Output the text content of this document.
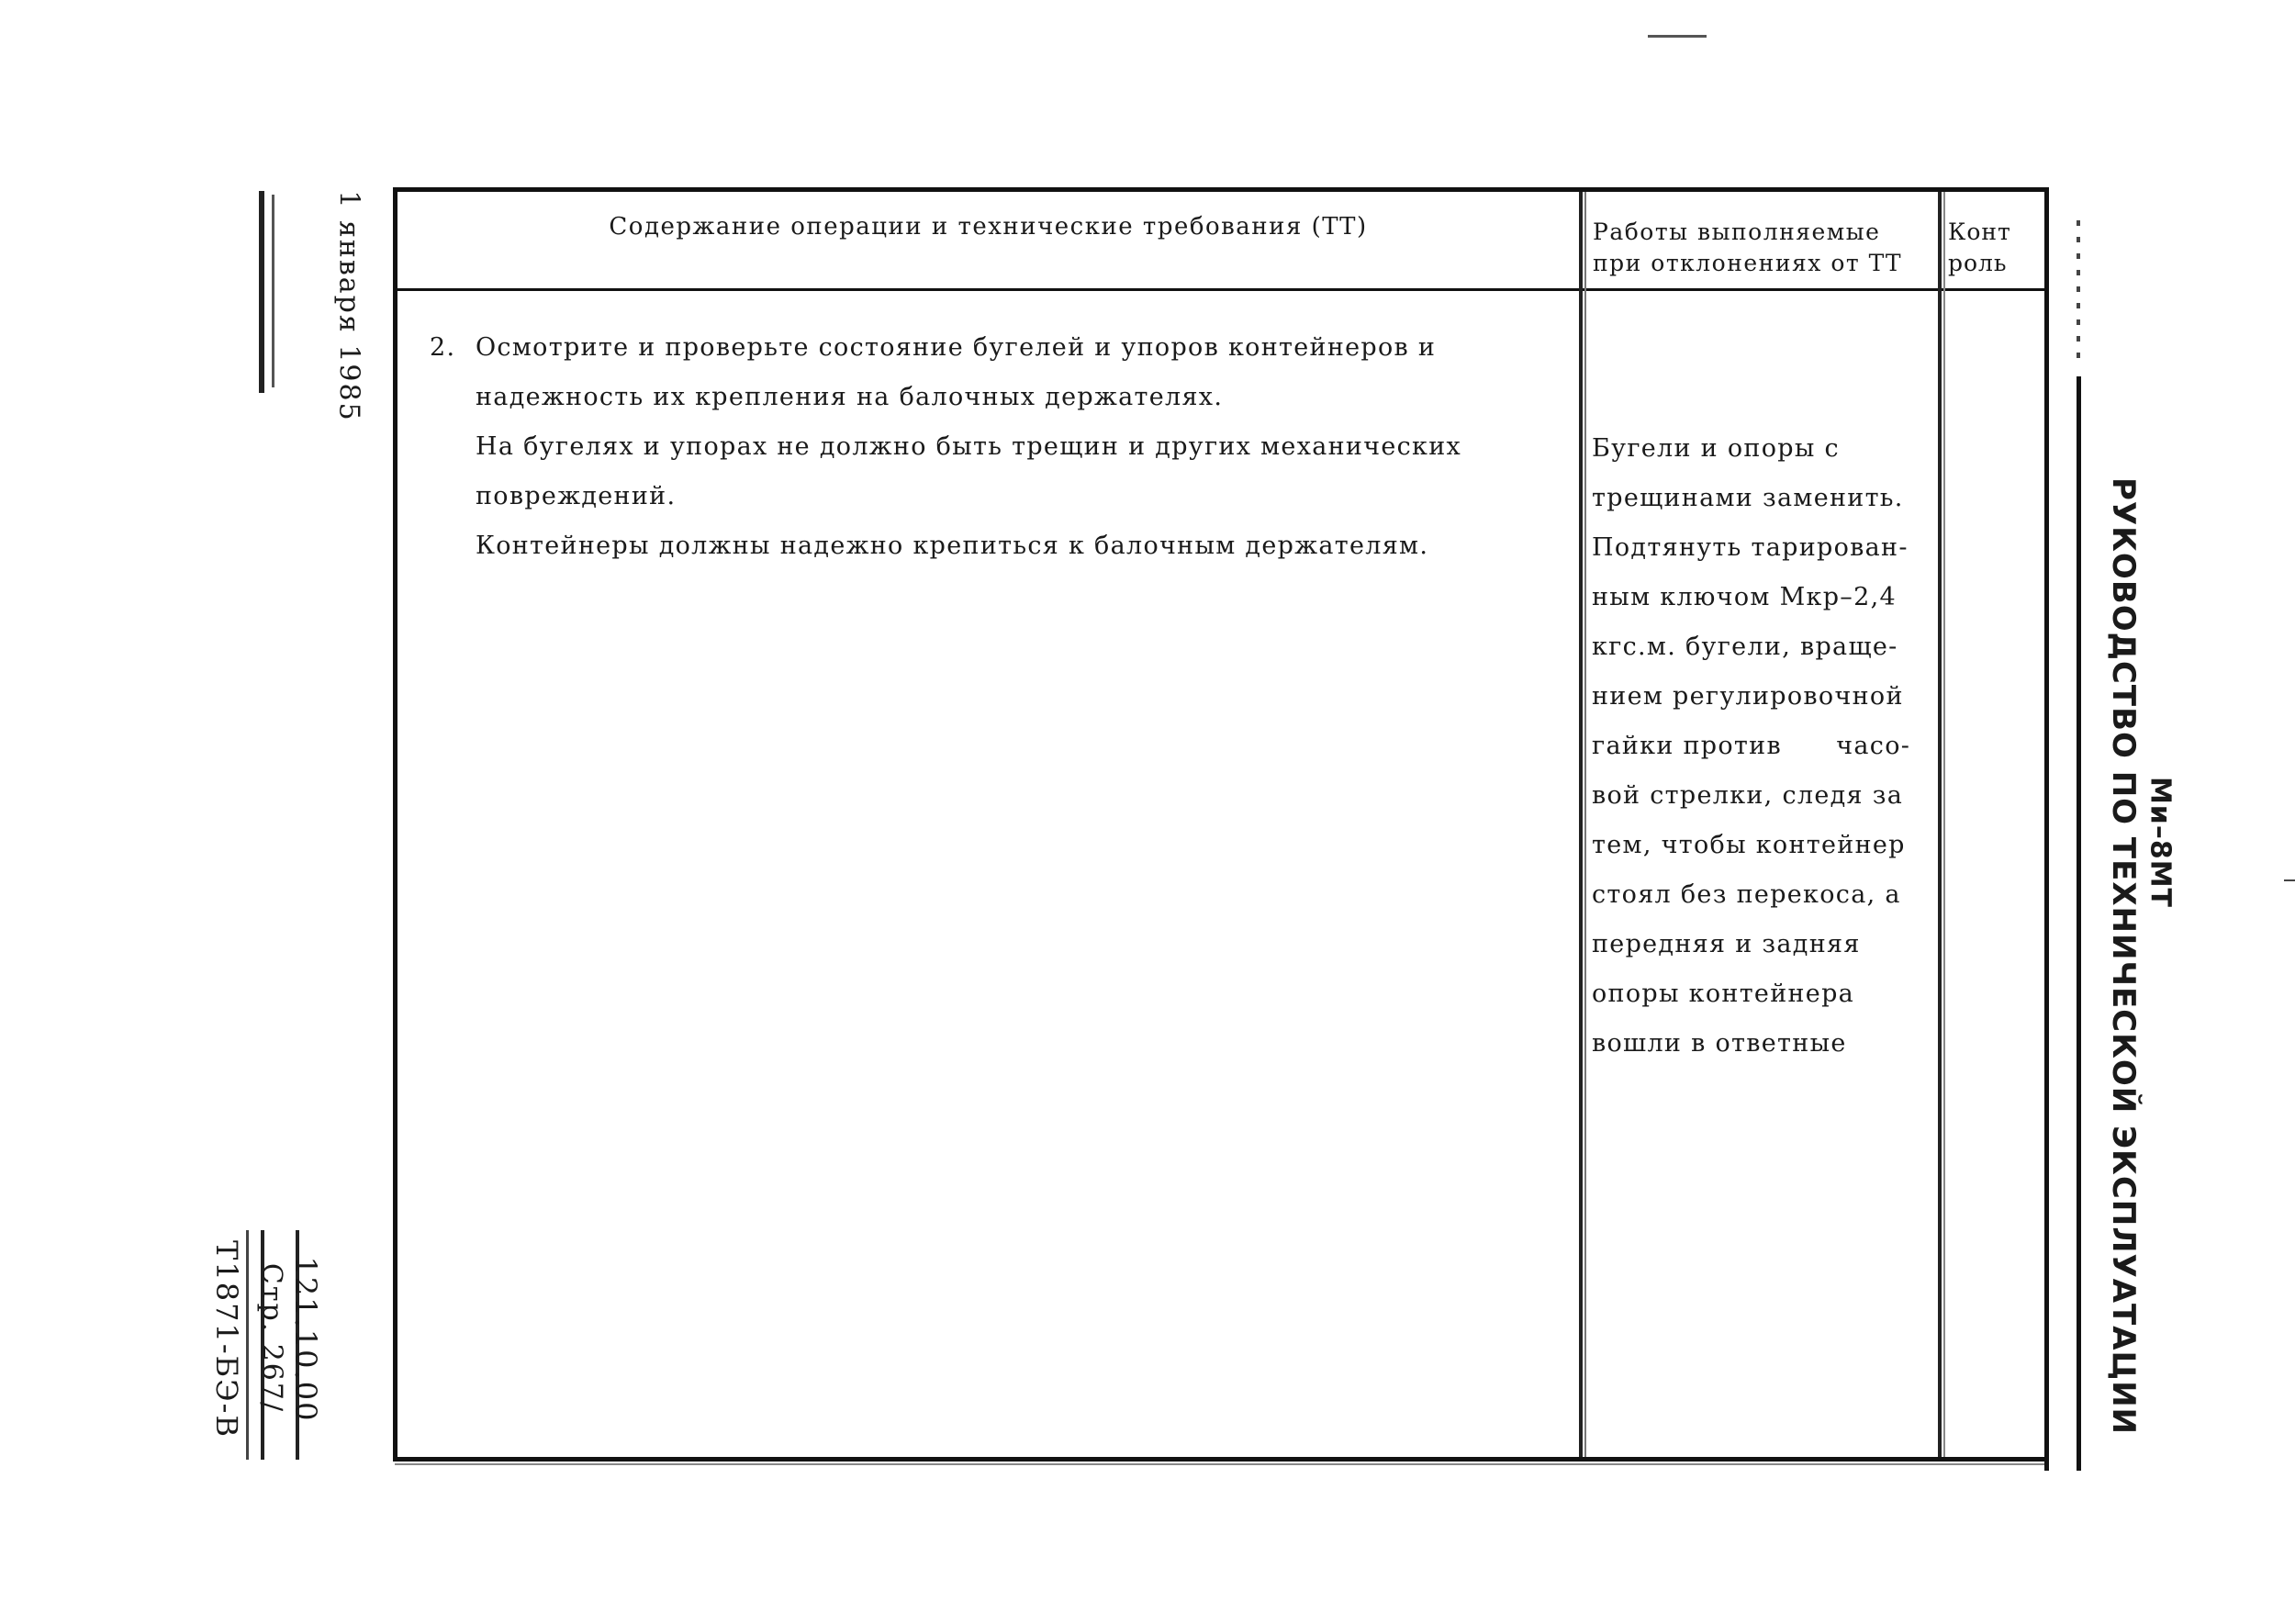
Содержание операции и технические требования (ТТ)	Работы выполняемые
при отклонениях от ТТ
Конт
роль

2. Осмотрите и проверьте состояние бугелей и упоров контейнеров и

надежность их крепления на балочных держателях.

На бугелях и упорах не должно быть трещин и других механических

повреждений.

Контейнеры должны надежно крепиться к балочным держателям.

Бугели и опоры с

трещинами заменить.

Подтянуть тарирован-

ным ключом Мкр–2,4

кгс.м. бугели, враще-

нием регулировочной

гайки против      часо-

вой стрелки, следя за

тем, чтобы контейнер

стоял без перекоса, а

передняя и задняя

опоры контейнера

вошли в ответные

1 января 1985
121.10.00
Стр. 267/
Т1871-БЭ-В	РУКОВОДСТВО ПО ТЕХНИЧЕСКОЙ ЭКСПЛУАТАЦИИ Ми–8МТ
